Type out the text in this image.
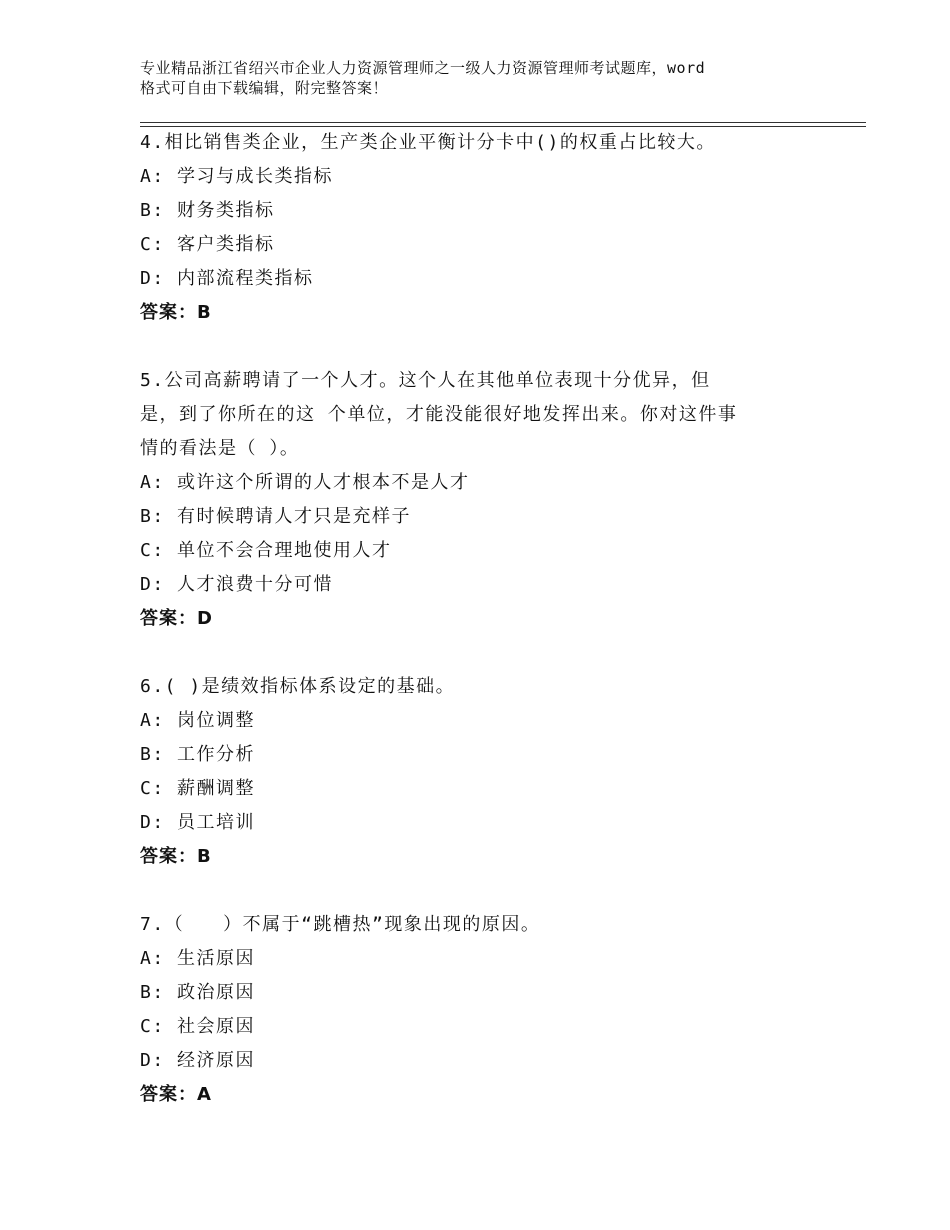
专业精品浙江省绍兴市企业人力资源管理师之一级人力资源管理师考试题库，word
格式可自由下载编辑，附完整答案！
4.相比销售类企业，生产类企业平衡计分卡中()的权重占比较大。
A: 学习与成长类指标
B: 财务类指标
C: 客户类指标
D: 内部流程类指标
答案：B
5.公司高薪聘请了一个人才。这个人在其他单位表现十分优异，但
是，到了你所在的这 个单位，才能没能很好地发挥出来。你对这件事
情的看法是（ ）。
A: 或许这个所谓的人才根本不是人才
B: 有时候聘请人才只是充样子
C: 单位不会合理地使用人才
D: 人才浪费十分可惜
答案：D
6.( )是绩效指标体系设定的基础。
A: 岗位调整
B: 工作分析
C: 薪酬调整
D: 员工培训
答案：B
7.（　　）不属于“跳槽热”现象出现的原因。
A: 生活原因
B: 政治原因
C: 社会原因
D: 经济原因
答案：A
